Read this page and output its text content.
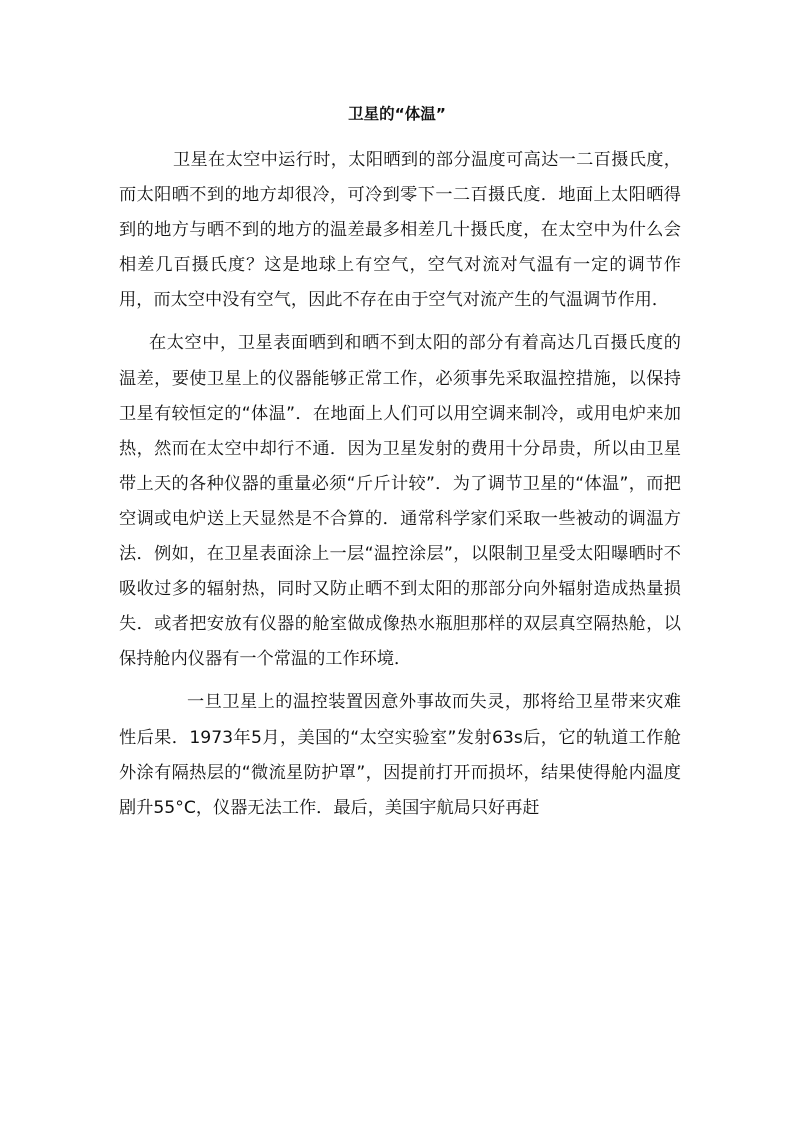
卫星的“体温”

卫星在太空中运行时，太阳晒到的部分温度可高达一二百摄氏度，而太阳晒不到的地方却很冷，可冷到零下一二百摄氏度．地面上太阳晒得到的地方与晒不到的地方的温差最多相差几十摄氏度，在太空中为什么会相差几百摄氏度？这是地球上有空气，空气对流对气温有一定的调节作用，而太空中没有空气，因此不存在由于空气对流产生的气温调节作用．

在太空中，卫星表面晒到和晒不到太阳的部分有着高达几百摄氏度的温差，要使卫星上的仪器能够正常工作，必须事先采取温控措施，以保持卫星有较恒定的“体温”．在地面上人们可以用空调来制冷，或用电炉来加热，然而在太空中却行不通．因为卫星发射的费用十分昂贵，所以由卫星带上天的各种仪器的重量必须“斤斤计较”．为了调节卫星的“体温”，而把空调或电炉送上天显然是不合算的．通常科学家们采取一些被动的调温方法．例如，在卫星表面涂上一层“温控涂层”，以限制卫星受太阳曝晒时不吸收过多的辐射热，同时又防止晒不到太阳的那部分向外辐射造成热量损失．或者把安放有仪器的舱室做成像热水瓶胆那样的双层真空隔热舱，以保持舱内仪器有一个常温的工作环境．

一旦卫星上的温控装置因意外事故而失灵，那将给卫星带来灾难性后果．1973年5月，美国的“太空实验室”发射63s后，它的轨道工作舱外涂有隔热层的“微流星防护罩”，因提前打开而损坏，结果使得舱内温度剧升55°C，仪器无法工作．最后，美国宇航局只好再赶
